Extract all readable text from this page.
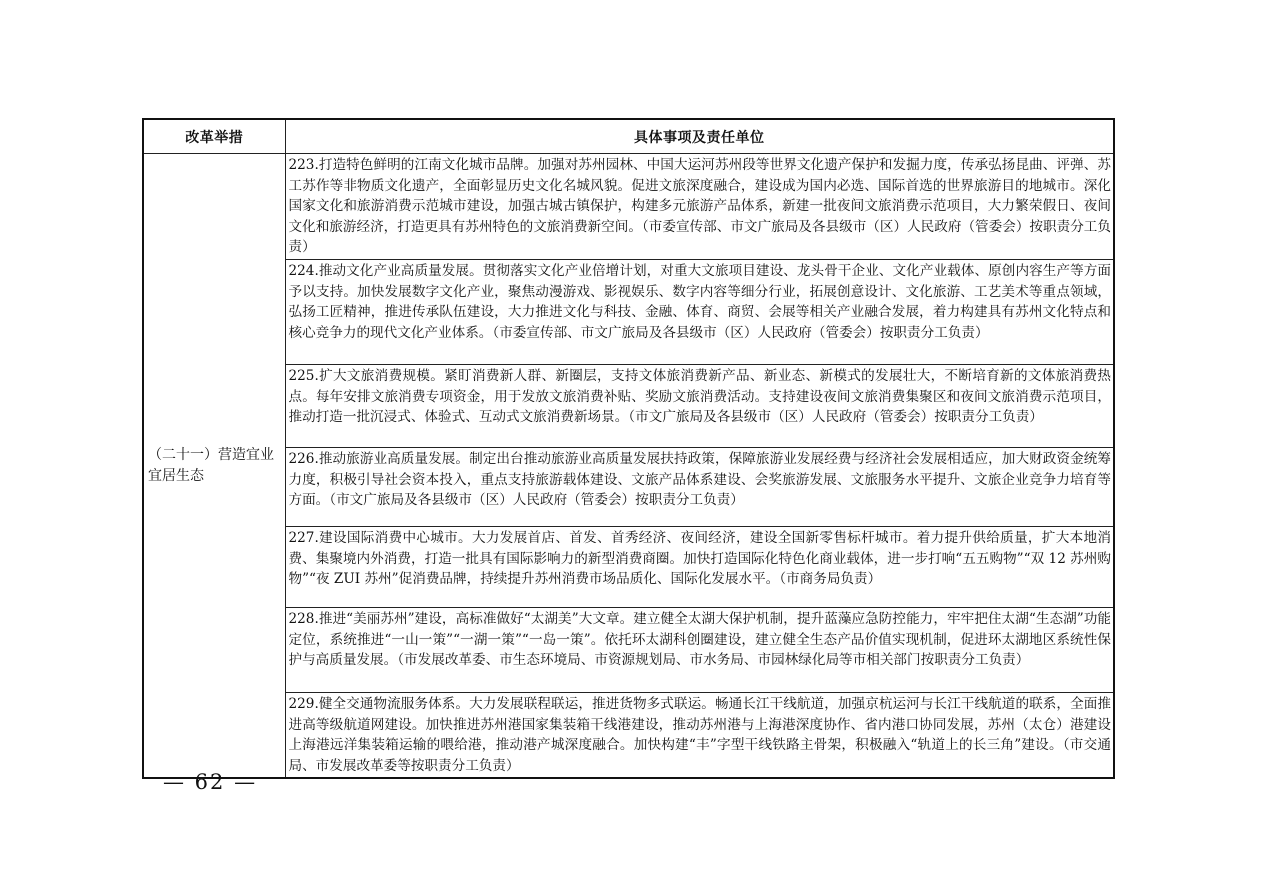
改革举措	具体事项及责任单位
（二十一）营造宜业宜居生态	223.打造特色鲜明的江南文化城市品牌。加强对苏州园林、中国大运河苏州段等世界文化遗产保护和发掘力度，传承弘扬昆曲、评弹、苏工苏作等非物质文化遗产，全面彰显历史文化名城风貌。促进文旅深度融合，建设成为国内必选、国际首选的世界旅游目的地城市。深化国家文化和旅游消费示范城市建设，加强古城古镇保护，构建多元旅游产品体系，新建一批夜间文旅消费示范项目，大力繁荣假日、夜间文化和旅游经济，打造更具有苏州特色的文旅消费新空间。（市委宣传部、市文广旅局及各县级市（区）人民政府（管委会）按职责分工负责）
	224.推动文化产业高质量发展。贯彻落实文化产业倍增计划，对重大文旅项目建设、龙头骨干企业、文化产业载体、原创内容生产等方面予以支持。加快发展数字文化产业，聚焦动漫游戏、影视娱乐、数字内容等细分行业，拓展创意设计、文化旅游、工艺美术等重点领域，弘扬工匠精神，推进传承队伍建设，大力推进文化与科技、金融、体育、商贸、会展等相关产业融合发展，着力构建具有苏州文化特点和核心竞争力的现代文化产业体系。（市委宣传部、市文广旅局及各县级市（区）人民政府（管委会）按职责分工负责）
	225.扩大文旅消费规模。紧盯消费新人群、新圈层，支持文体旅消费新产品、新业态、新模式的发展壮大，不断培育新的文体旅消费热点。每年安排文旅消费专项资金，用于发放文旅消费补贴、奖励文旅消费活动。支持建设夜间文旅消费集聚区和夜间文旅消费示范项目，推动打造一批沉浸式、体验式、互动式文旅消费新场景。（市文广旅局及各县级市（区）人民政府（管委会）按职责分工负责）
	226.推动旅游业高质量发展。制定出台推动旅游业高质量发展扶持政策，保障旅游业发展经费与经济社会发展相适应，加大财政资金统筹力度，积极引导社会资本投入，重点支持旅游载体建设、文旅产品体系建设、会奖旅游发展、文旅服务水平提升、文旅企业竞争力培育等方面。（市文广旅局及各县级市（区）人民政府（管委会）按职责分工负责）
	227.建设国际消费中心城市。大力发展首店、首发、首秀经济、夜间经济，建设全国新零售标杆城市。着力提升供给质量，扩大本地消费、集聚境内外消费，打造一批具有国际影响力的新型消费商圈。加快打造国际化特色化商业载体，进一步打响“五五购物”“双 12 苏州购物”“夜 ZUI 苏州”促消费品牌，持续提升苏州消费市场品质化、国际化发展水平。（市商务局负责）
	228.推进“美丽苏州”建设，高标准做好“太湖美”大文章。建立健全太湖大保护机制，提升蓝藻应急防控能力，牢牢把住太湖“生态湖”功能定位，系统推进“一山一策”“一湖一策”“一岛一策”。依托环太湖科创圈建设，建立健全生态产品价值实现机制，促进环太湖地区系统性保护与高质量发展。（市发展改革委、市生态环境局、市资源规划局、市水务局、市园林绿化局等市相关部门按职责分工负责）
	229.健全交通物流服务体系。大力发展联程联运，推进货物多式联运。畅通长江干线航道，加强京杭运河与长江干线航道的联系，全面推进高等级航道网建设。加快推进苏州港国家集装箱干线港建设，推动苏州港与上海港深度协作、省内港口协同发展，苏州（太仓）港建设上海港远洋集装箱运输的喂给港，推动港产城深度融合。加快构建“丰”字型干线铁路主骨架，积极融入“轨道上的长三角”建设。（市交通局、市发展改革委等按职责分工负责）
— 62 —
